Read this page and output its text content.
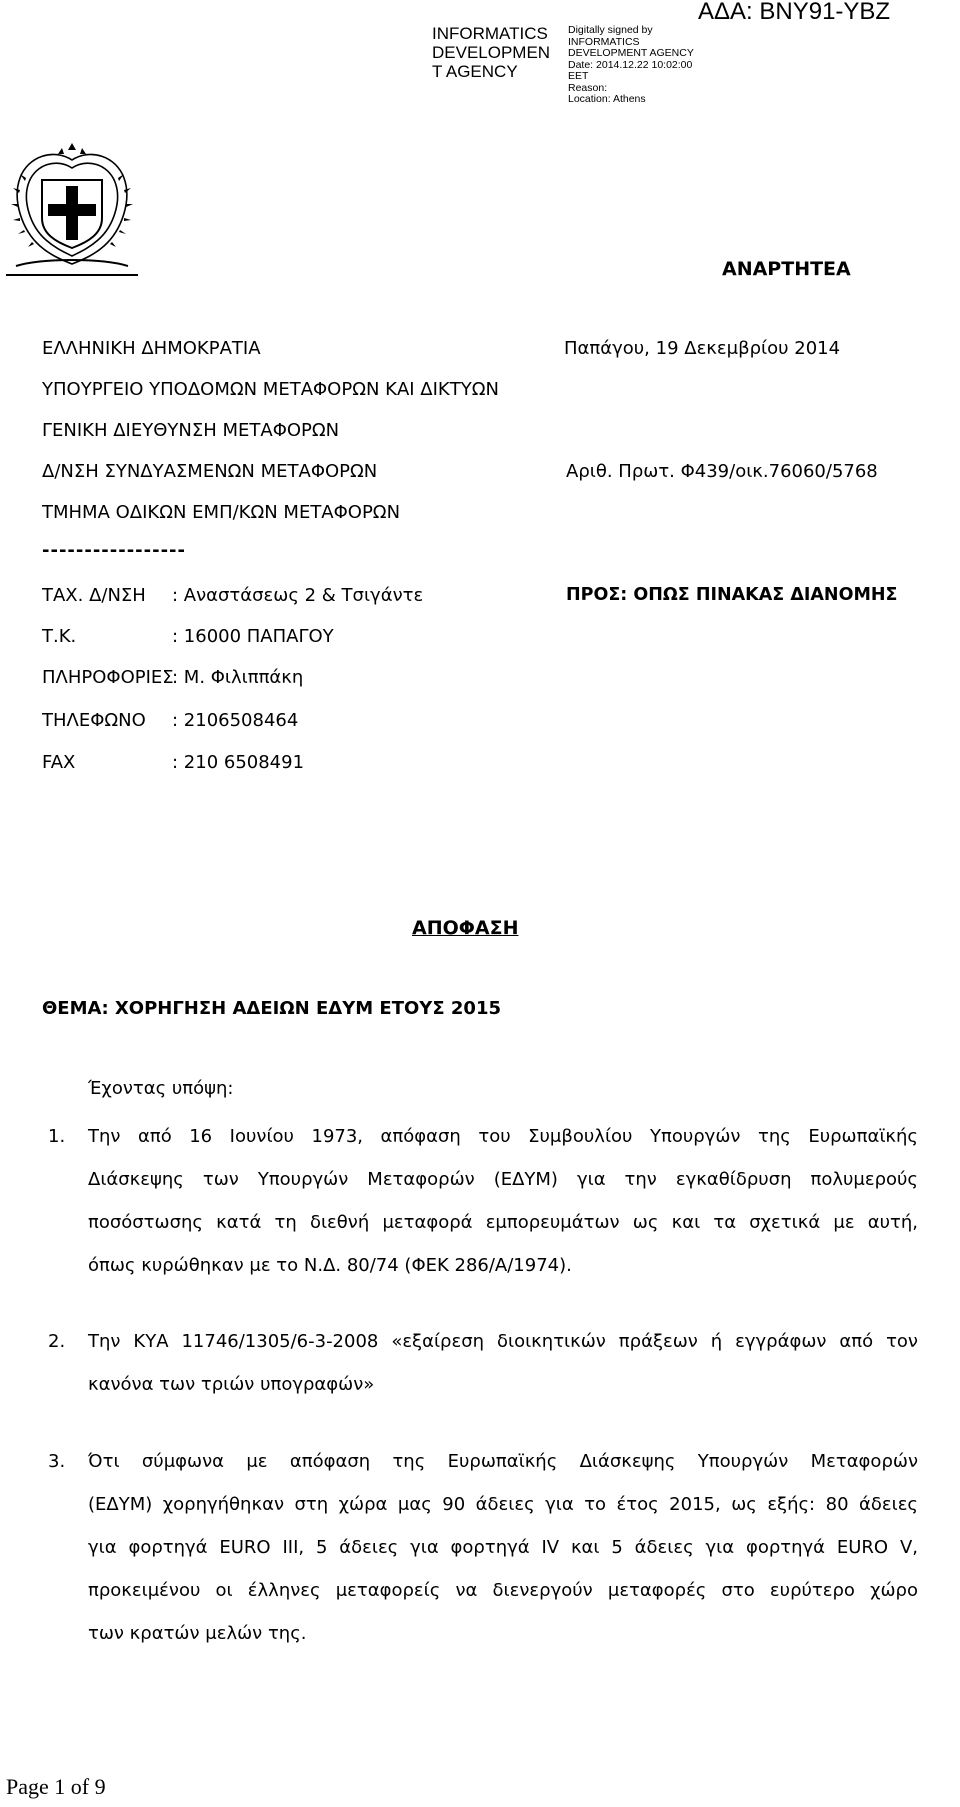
INFORMATICS
DEVELOPMEN
T AGENCY
Digitally signed by
INFORMATICS
DEVELOPMENT AGENCY
Date: 2014.12.22 10:02:00
EET
Reason:
Location: Athens
ΑΔΑ: ΒΝΥ91-ΥΒΖ
ΑΝΑΡΤΗΤΕΑ
ΕΛΛΗΝΙΚΗ ΔΗΜΟΚΡΑΤΙΑ
ΥΠΟΥΡΓΕΙΟ ΥΠΟΔΟΜΩΝ ΜΕΤΑΦΟΡΩΝ ΚΑΙ ΔΙΚΤΥΩΝ
ΓΕΝΙΚΗ ΔΙΕΥΘΥΝΣΗ ΜΕΤΑΦΟΡΩΝ
Δ/ΝΣΗ ΣΥΝΔΥΑΣΜΕΝΩΝ ΜΕΤΑΦΟΡΩΝ
ΤΜΗΜΑ ΟΔΙΚΩΝ ΕΜΠ/ΚΩΝ ΜΕΤΑΦΟΡΩΝ
-----------------
Παπάγου, 19 Δεκεμβρίου 2014
Αριθ. Πρωτ. Φ439/οικ.76060/5768
ΤΑΧ. Δ/ΝΣΗ : Αναστάσεως 2 & Τσιγάντε
Τ.Κ.	: 16000 ΠΑΠΑΓΟΥ
ΠΛΗΡΟΦΟΡΙΕΣ
: Μ. Φιλιππάκη
ΤΗΛΕΦΩΝΟ : 2106508464
FAX	: 210 6508491
ΠΡΟΣ: ΟΠΩΣ ΠΙΝΑΚΑΣ ΔΙΑΝΟΜΗΣ
ΑΠΟΦΑΣΗ
ΘΕΜΑ: ΧΟΡΗΓΗΣΗ ΑΔΕΙΩΝ ΕΔΥΜ ΕΤΟΥΣ 2015
Έχοντας υπόψη:
1.	Την από 16 Ιουνίου 1973, απόφαση του Συμβουλίου Υπουργών της Ευρωπαϊκής
Διάσκεψης των Υπουργών Μεταφορών (ΕΔΥΜ) για την εγκαθίδρυση πολυμερούς
ποσόστωσης κατά τη διεθνή μεταφορά εμπορευμάτων ως και τα σχετικά με αυτή,
όπως κυρώθηκαν με το Ν.Δ. 80/74 (ΦΕΚ 286/Α/1974).
2.	Την ΚΥΑ 11746/1305/6-3-2008 «εξαίρεση διοικητικών πράξεων ή εγγράφων από τον
κανόνα των τριών υπογραφών»
3.	Ότι σύμφωνα με απόφαση της Ευρωπαϊκής Διάσκεψης Υπουργών Μεταφορών
(ΕΔΥΜ) χορηγήθηκαν στη χώρα μας 90 άδειες για το έτος 2015, ως εξής: 80 άδειες
για φορτηγά EURO III, 5 άδειες για φορτηγά IV και 5 άδειες για φορτηγά EURO V,
προκειμένου οι έλληνες μεταφορείς να διενεργούν μεταφορές στο ευρύτερο χώρο
των κρατών μελών της.
Page 1 of 9
